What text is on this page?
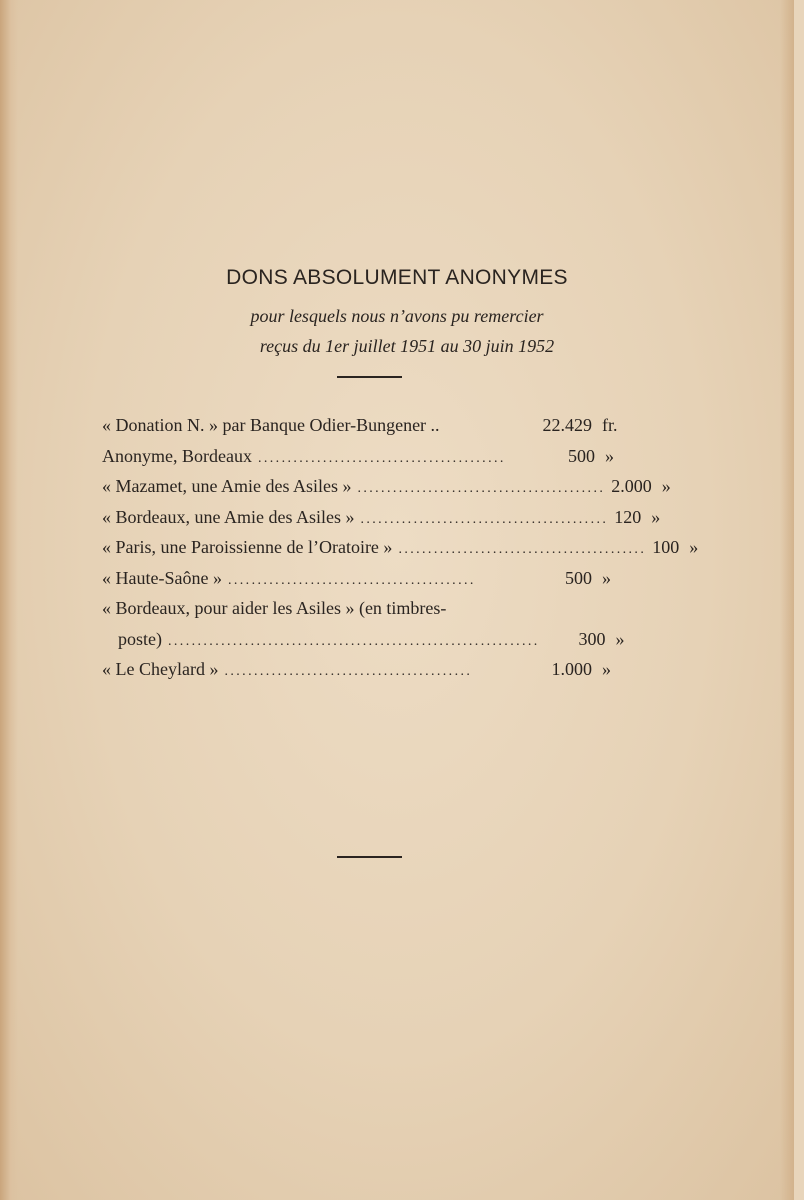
DONS ABSOLUMENT ANONYMES
pour lesquels nous n’avons pu remercier
reçus du 1er juillet 1951 au 30 juin 1952
« Donation N. » par Banque Odier-Bungener ..	22.429 fr.
Anonyme, Bordeaux ..........................................	500 »
« Mazamet, une Amie des Asiles » .......................................... 2.000 »
« Bordeaux, une Amie des Asiles » .......................................... 120 »
« Paris, une Paroissienne de l’Oratoire » .......................................... 100 »
« Haute-Saône » ..........................................	500 »
« Bordeaux, pour aider les Asiles » (en timbres-
poste) ...............................................................	300 »
« Le Cheylard » ..........................................	1.000 »
